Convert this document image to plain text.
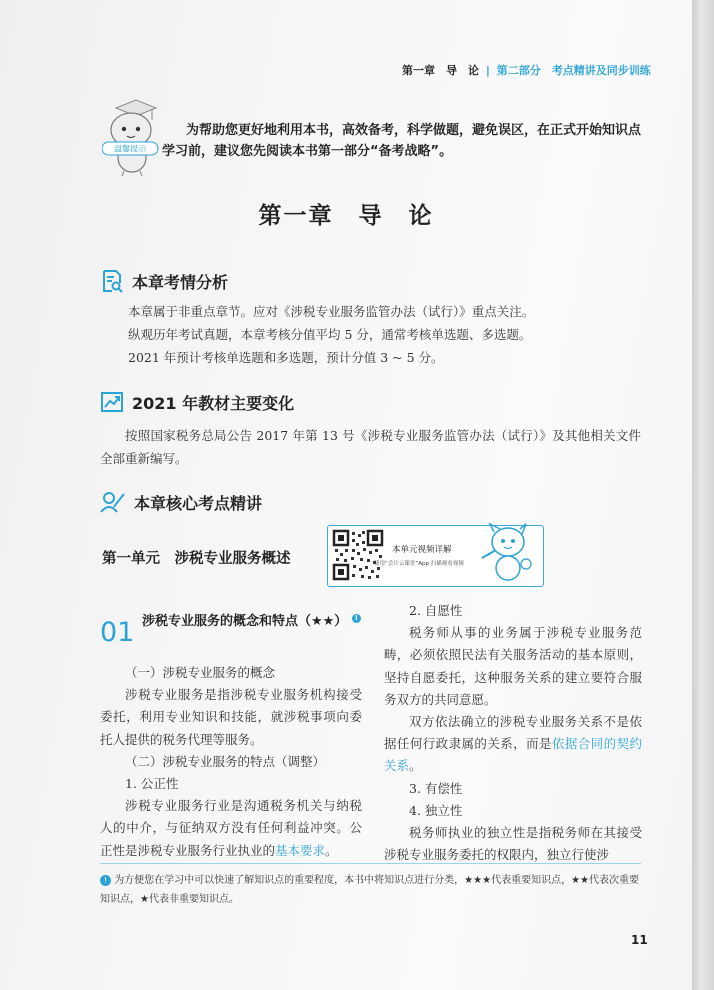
第一章　导　论 | 第二部分　考点精讲及同步训练
温馨提示
为帮助您更好地利用本书，高效备考，科学做题，避免误区，在正式开始知识点学习前，建议您先阅读本书第一部分“备考战略”。
第一章　导　论
本章考情分析
本章属于非重点章节。应对《涉税专业服务监管办法（试行）》重点关注。
纵观历年考试真题，本章考核分值平均 5 分，通常考核单选题、多选题。
2021 年预计考核单选题和多选题，预计分值 3 ~ 5 分。
2021 年教材主要变化
按照国家税务总局公告 2017 年第 13 号《涉税专业服务监管办法（试行）》及其他相关文件全部重新编写。
本章核心考点精讲
第一单元　涉税专业服务概述
本单元视频详解
使用“会计云课堂”App 扫描观看视频
01 涉税专业服务的概念和特点（★★） !

（一）涉税专业服务的概念

涉税专业服务是指涉税专业服务机构接受委托，利用专业知识和技能，就涉税事项向委托人提供的税务代理等服务。

（二）涉税专业服务的特点（调整）

1. 公正性

涉税专业服务行业是沟通税务机关与纳税人的中介，与征纳双方没有任何利益冲突。公正性是涉税专业服务行业执业的基本要求。

2. 自愿性

税务师从事的业务属于涉税专业服务范畴，必须依照民法有关服务活动的基本原则，坚持自愿委托，这种服务关系的建立要符合服务双方的共同意愿。

双方依法确立的涉税专业服务关系不是依据任何行政隶属的关系，而是依据合同的契约关系。

3. 有偿性

4. 独立性

税务师执业的独立性是指税务师在其接受涉税专业服务委托的权限内，独立行使涉

! 为方便您在学习中可以快速了解知识点的重要程度，本书中将知识点进行分类，★★★代表重要知识点，★★代表次重要知识点，★代表非重要知识点。
11
